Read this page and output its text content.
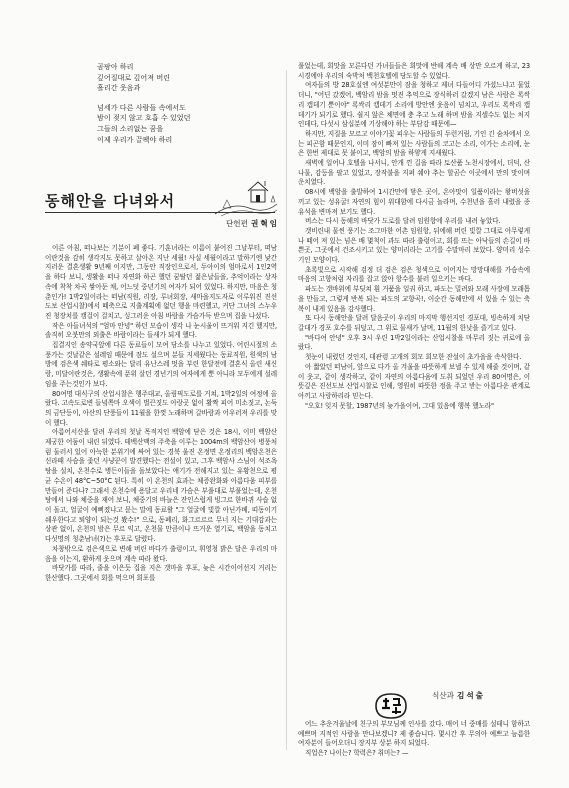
곰팡아 하리

깊어질대로 깊어져 버린

흘리간 웃음과

넘세가 다른 사람들 속에서도

밤이 젖지 않고 호흡 수 있었던

그들의 소리없는 꿈을

이제 우리가 끌팩야 하리

동해안을 다녀와서
단헌편 권혁임

이른 아침, 떠나보는 기분이 폐 좋다. 기훈녀라는 이름이 붙어진 그날부터, 떠남이란것을 감히 생각지도 못하고 살아온 지난 세월! 사실 세월이라고 말하기엔 낯간지러운 결혼생활 9년째 이지만, 그동안 직장인으로서, 두아이의 엄마로서 1인2역을 하다 보니, 생활을 떠나 자연화 하곤 했던 꿈탈던 젊은날들을, 추억이라는 상자속에 착착 차곡 쌓아둔 채, 어느덧 중년기의 여자가 되어 있었다. 하지만, 마음은 청춘인가! 1박2일이라는 떠남(직원, 리장, 루녀회장, 새마을지도자로 이루워진 진선도보 산업시찰)에서 떼축으로 지출계획에 없던 행을 마련했고, 커단 그녀의 스누우진 청장치를 캠걸이 걸치고, 싱그러운 아침 바람을 가슴가득 받으며 집을 나섰다.

작은 아들녀석의 "엄마 안녕" 하던 모습이 생각 나 눈시울이 뜨거워 지긴 했지만, 솔직히 오붓만의 외출은 바람이라는 들새가 되게 했다.

집결지인 송약국앞에 다른 동료들이 모여 담소를 나누고 있었다. 어린시절의 소풍가는 것날같은 설레임 때문에 잠도 설으며 분들 지세웠다는 동료직원, 원색의 남방에 검은색 쉐타로 평소와는 달리 유난스레 멋을 부린 한달전에 결혼식 올린 새신랑, 미달이란것은, 생활속에 푼위 살던 경넌기의 여자에게 뿐 아니라 모두에게 설레임을 주는것인가 보다.

80여명 대식구의 산업시찰은 행주대교, 올림픽도로를 거쳐, 1박2일의 여정에 올랐다. 고속도로변 들녘쪽마 오색이 벌끈짓도 아랑곳 없이 활짝 피어 미소짓고, 논둑의 금단등이, 아산의 단풍들이 11월을 한껏 노래하며 갈바람과 어우러져 우리를 맞이 했다.

아름어서산을 달려 우리의 첫날 목적지인 백암에 닫은 것은 18시, 이미 백암산 제궁한 어둠이 내린 뒤였다. 테백산맥의 주축을 이루는 1004m의 백암산이 병풍처럼 둘러서 있어 아늑한 분위기에 싸여 있는 경북 울진 온정면 온정리의 백암온천은 신라때 사슴을 좇던 사냥꾼이 발견했다는 전설이 있고, 그후 백암사 스님이 석조욕탕을 설치, 온천수로 병든이들을 돌보았다는 얘기가 전해지고 있는 유황천으로 평균 수온이 48°C~50°C 된다. 특히 이 온천의 효과는 체증완화와 아름다움 피부를 만들어 준다나? 그래서 온천수에 용달고 우리네 가슴은 부풀대로 부풀었는데, 온천탕에서 나와 체중을 재어 보니, 체중기의 바늘은 잔인스럽게 빙그르 한바퀴 사습 없이 돌고, 얼굴이 예뻐졌냐고 묻는 말에 동료왈 "그 얼굴에 빛깔 아닌가베, 띠동이기 쉐우한다고 퇴양이 되는것 봤수!" 으로, 동폐리, 화그르르르 무너 지는 기대감과는 상관 없이, 온천의 밤은 무르 익고, 온천물 만큼이나 뜨거운 열기로, 백암을 동치고 다섯명의 청춘남녀(?)는 후포로 달렸다.

차창밖으로 검은색으로 변해 버린 바다가 출렁이고, 휘영청 밝은 달은 우리의 마음을 이는지, 환하게 웃으며 계속 따라 왔다.

바닷가를 따라, 줄을 이은듯 집을 지은 갯마을 후포, 늦은 시간이어선지 거리는 한산했다. 그곳에서 회를 먹으며 회포를

풀었는데, 회맛을 모른다던 가녀들들은 회맛에 반해 계속 배 상만 오르게 하고, 23시경에야 우리의 숙박처 백천호텔에 당도할 수 있었다.

여자들의 방 28호실엔 여섯분만이 잠을 청하고 제녀 다들어디 가셨느냐고 물었더니, "어딘 갔겠어, 백암리 밤을 멋진 추억으로 장식하러 갔겠지 남은 사람은 록싹리 캡데기 뿐이야" 록싹리 캡데기 소리에 방안엔 웃음이 넘치고, 우리도 록싹리 캡데기가 되기로 했다. 쉴지 않은 체면에 충 추고 노래 하며 밤을 지샐수도 없는 처지인데다, 다섯시 삼십분에 기상해야 하는 부담감 때문에—

하지만, 지질을 모르고 이야기꽃 피우는 사람들의 두런거림, 기인 긴 숨차에서 오는 피곤함 때문인지, 이미 잠이 빠져 있는 사람들의 코고는 소리, 이가는 소리에, 눈은 한번 제대로 못 붙이고, 백암의 밤을 하얗게 지새웠다.

새벽에 일어나 호텔을 나서니, 안개 낀 길을 따라 토산품 노천시장에서, 더덕, 산나물, 감등을 팔고 있었고, 장작불을 지펴 쉐야 추는 할곰슨 이곳에서 만의 맛이며 운치였다.

08시에 백암을 출발하여 1시간만에 닿은 곳이, 온아맛이 일품이라는 왕버섯을 끼고 있는 성유굴! 자연의 힘이 위대함에 다시금 놀라며, 수천년을 흘러 내렸을 종유석을 변마져 보기도 했다.

버스는 다시 동해의 바닷가 도로를 달려 임원항에 우리를 내려 놓았다.

갯비린내 물씬 풍기는 조그마한 어촌 임원항, 뒤에해 버린 빛깔 그대로 아무렇게나 떼어 져 있는 넘은 배 몇척이 과도 따라 출렁이고, 회를 뜨는 아낙들의 손길이 바쁜곳, 그곳에서 건조시키고 있는 양미리라는 고기를 수말마리 보았다. 양미리 성수기인 모양이다.

초록빛으로 시작해 검정 더 검은 검은 청색으로 이어지는 망망대해를 가슴속에 마음의 고향처럼 자리를 잡고 앉아 항수를 불러 일으키는 바다.

파도는 갯바위에 부딪쳐 흰 거품을 일궈 하고, 파도는 밀려와 모래 사장에 모래톱을 만들고, 그렇게 반복 되는 파도의 교향곡!, 이순간 동해안에 서 있을 수 있는 축복이 내게 있음을 감사했다.

또 다시 동해안을 달려 달음곳이 우리의 마지막 행선지인 경포대, 빙속하게 치닫 갈대가 경포 호수를 뒤덮고, 그 위로 물새가 날며, 11월의 한낮을 즐기고 있다.

"바다여 안녕" 오후 3시 우린 1박2일이라는 산업시찰을 마무리 짓는 귀로에 올랐다.

첫눈이 내렸던 것인지, 대관령 고개의 회모 회모한 잔설이 초가을을 속삭한다.

아 짧았던 떠남이, 앞으로 다가 올 겨울을 따뜻하게 보낼 수 있게 해줄 것이며, 같이 웃고, 같이 생각하고, 같이 자연의 아름다움에 도취 되었던 우리 80여명은, 이 뜻깊은 진선도보 산업시찰로 인해, 영원히 따뜻한 정을 주고 받는 아름다운 관계로 아끼고 사랑하리라 믿는다.

"오호! 잊지 못할, 1987년의 늦가을이여, 그대 있음에 행복 했노라"

식산과 김석출

어느 추운겨울날에 친구의 부모님께 인사를 갔다. 매어 너 중매를 설테니 함하고 예쁘며 지적인 사람을 만나보겠니? 제 좋습니다. 몇시간 후 무의아 예쁘고 늠름한 여자분이 들어오더니 장지부 상분 하지 되었다.

직업은? 나이는? 학력은? 취미는? —
